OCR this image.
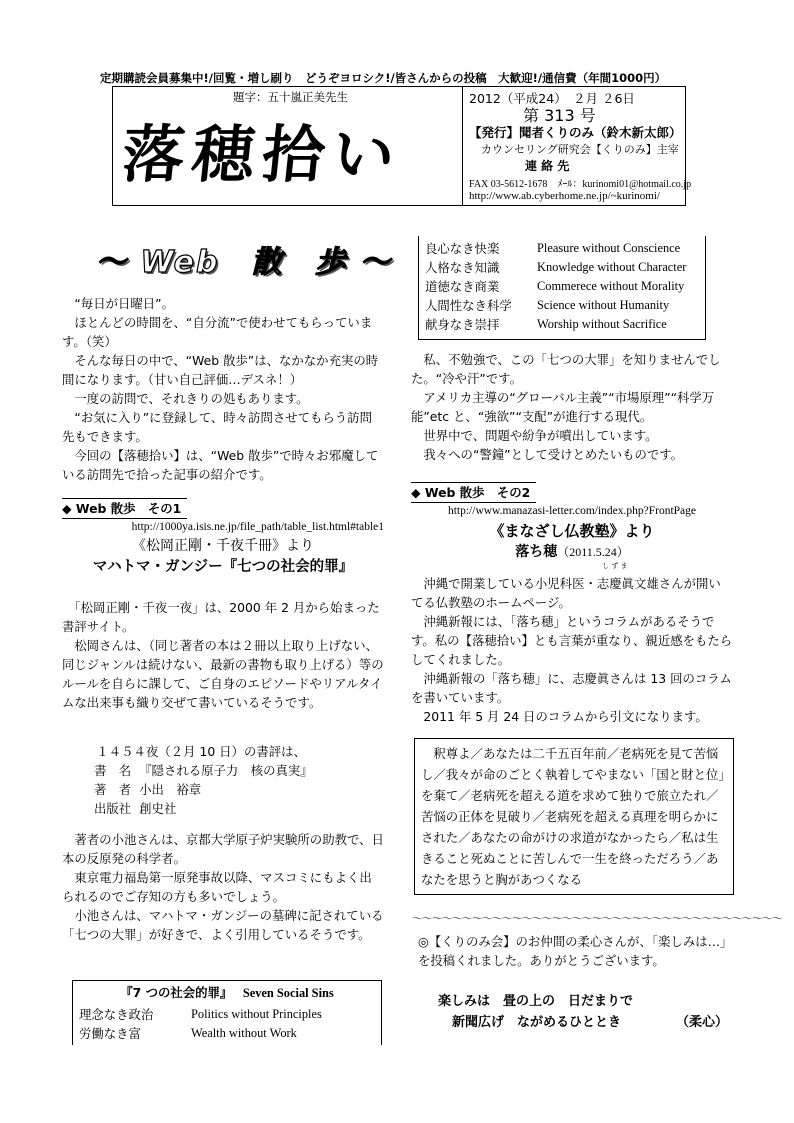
定期購読会員募集中!/回覧・増し刷り　どうぞヨロシク!/皆さんからの投稿　大歓迎!/通信費（年間1000円）
題字：五十嵐正美先生
落穂拾い
2012（平成24）　２月 ２6日
第 313 号
【発行】聞者くりのみ（鈴木新太郎）
カウンセリング研究会【くりのみ】主宰
連 絡 先
FAX 03-5612-1678　ﾒｰﾙ：kurinomi01@hotmail.co.jp
http://www.ab.cyberhome.ne.jp/~kurinomi/
～ Web　散　歩 ～

　“毎日が日曜日”。

　ほとんどの時間を、“自分流”で使わせてもらっています。（笑）

　そんな毎日の中で、“Web 散歩”は、なかなか充実の時間になります。（甘い自己評価…デスネ！）

　一度の訪問で、それきりの処もあります。

　“お気に入り”に登録して、時々訪問させてもらう訪問先もできます。

　今回の【落穂拾い】は、“Web 散歩”で時々お邪魔している訪問先で拾った記事の紹介です。

◆ Web 散歩　その1
http://1000ya.isis.ne.jp/file_path/table_list.html#table1
《松岡正剛・千夜千冊》より
マハトマ・ガンジー『七つの社会的罪』

　「松岡正剛・千夜一夜」は、2000 年 2 月から始まった書評サイト。

　松岡さんは、（同じ著者の本は２冊以上取り上げない、同じジャンルは続けない、最新の書物も取り上げる）等のルールを自らに課して、ご自身のエピソードやリアルタイムな出来事も織り交ぜて書いているそうです。

　１４５４夜（２月 10 日）の書評は、

書　名	『隠される原子力　核の真実』
著　者	小出　裕章
出版社	創史社

　著者の小池さんは、京都大学原子炉実験所の助教で、日本の反原発の科学者。

　東京電力福島第一原発事故以降、マスコミにもよく出られるのでご存知の方も多いでしょう。

　小池さんは、マハトマ・ガンジーの墓碑に記されている「七つの大罪」が好きで、よく引用しているそうです。

『7 つの社会的罪』　 Seven Social Sins
理念なき政治	Politics without Principles
労働なき富	Wealth without Work
良心なき快楽	Pleasure without Conscience
人格なき知識	Knowledge without Character
道徳なき商業	Commerece without Morality
人間性なき科学	Science without Humanity
献身なき崇拝	Worship without Sacrifice

　私、不勉強で、この「七つの大罪」を知りませんでした。“冷や汗”です。

　アメリカ主導の“グローバル主義”“市場原理”“科学万能”etc と、“強欲”“支配”が進行する現代。

　世界中で、問題や紛争が噴出しています。

　我々への“警鐘”として受けとめたいものです。

◆ Web 散歩　その2
http://www.manazasi-letter.com/index.php?FrontPage
《まなざし仏教塾》より
落ち穂（2011.5.24）
し ず ま

　沖縄で開業している小児科医・志慶眞文雄さんが開いてる仏教塾のホームページ。

　沖縄新報には、「落ち穂」というコラムがあるそうです。私の【落穂拾い】とも言葉が重なり、親近感をもたらしてくれました。

　沖縄新報の「落ち穂」に、志慶眞さんは 13 回のコラムを書いています。

　2011 年 5 月 24 日のコラムから引文になります。

　釈尊よ／あなたは二千五百年前／老病死を見て苦悩し／我々が命のごとく執着してやまない「国と財と位」を棄て／老病死を超える道を求めて独りで旅立たれ／苦悩の正体を見破り／老病死を超える真理を明らかにされた／あなたの命がけの求道がなかったら／私は生きること死ぬことに苦しんで一生を終っただろう／あなたを思うと胸があつくなる

～～～～～～～～～～～～～～～～～～～～～～～～～～～～～～～～～～～～～

◎【くりのみ会】のお仲間の柔心さんが、「楽しみは…」を投稿くれました。ありがとうございます。

楽しみは　畳の上の　日だまりで
新聞広げ　ながめるひととき	（柔心）
